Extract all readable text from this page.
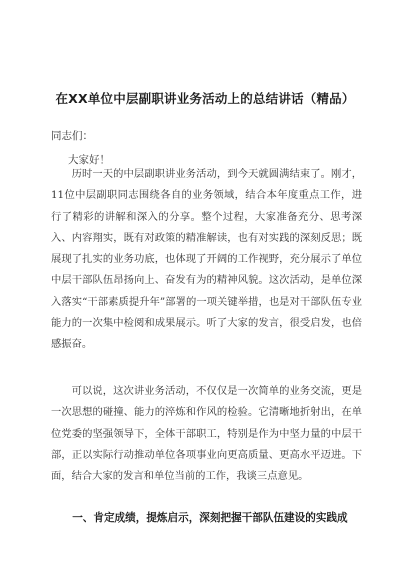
在XX单位中层副职讲业务活动上的总结讲话（精品）
同志们：
大家好！
历时一天的中层副职讲业务活动，到今天就圆满结束了。刚才，11位中层副职同志围绕各自的业务领域，结合本年度重点工作，进行了精彩的讲解和深入的分享。整个过程，大家准备充分、思考深入、内容翔实，既有对政策的精准解读，也有对实践的深刻反思；既展现了扎实的业务功底，也体现了开阔的工作视野，充分展示了单位中层干部队伍昂扬向上、奋发有为的精神风貌。这次活动，是单位深入落实“干部素质提升年”部署的一项关键举措，也是对干部队伍专业能力的一次集中检阅和成果展示。听了大家的发言，很受启发，也倍感振奋。
可以说，这次讲业务活动，不仅仅是一次简单的业务交流，更是一次思想的碰撞、能力的淬炼和作风的检验。它清晰地折射出，在单位党委的坚强领导下，全体干部职工，特别是作为中坚力量的中层干部，正以实际行动推动单位各项事业向更高质量、更高水平迈进。下面，结合大家的发言和单位当前的工作，我谈三点意见。
一、肯定成绩，提炼启示，深刻把握干部队伍建设的实践成
